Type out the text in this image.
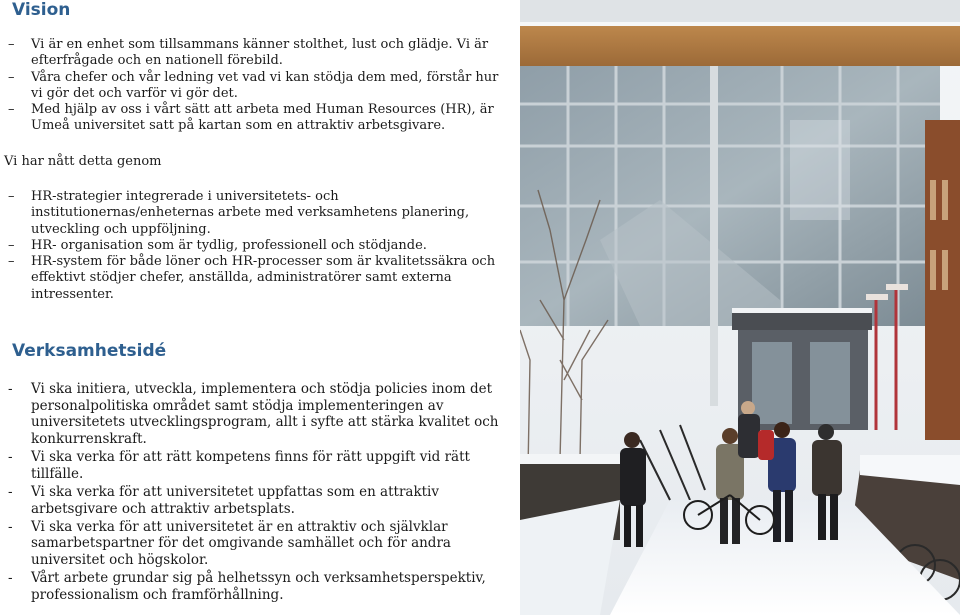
Vision
–	Vi är en enhet som tillsammans känner stolthet, lust och glädje. Vi är efterfrågade och en nationell förebild.
–	Våra chefer och vår ledning vet vad vi kan stödja dem med, förstår hur vi gör det och varför vi gör det.
–	Med hjälp av oss i vårt sätt att arbeta med Human Resources (HR), är Umeå universitet satt på kartan som en attraktiv arbetsgivare.

Vi har nått detta genom

–	HR-strategier integrerade i universitetets- och institutionernas/enheternas arbete med verksamhetens planering, utveckling och uppföljning.
–	HR- organisation som är tydlig, professionell och stödjande.
–	HR-system för både löner och HR-processer som är kvalitetssäkra och effektivt stödjer chefer, anställda, administratörer samt externa intressenter.
Verksamhetsidé
-	Vi ska initiera, utveckla, implementera och stödja policies inom det personalpolitiska området samt stödja implementeringen av universitetets utvecklingsprogram, allt i syfte att stärka kvalitet och konkurrenskraft.
-	Vi ska verka för att rätt kompetens finns för rätt uppgift vid rätt tillfälle.
-	Vi ska verka för att universitetet uppfattas som en attraktiv arbetsgivare och attraktiv arbetsplats.
-	Vi ska verka för att universitetet är en attraktiv och självklar samarbetspartner för det omgivande samhället och för andra universitet och högskolor.
-	Vårt arbete grundar sig på helhetssyn och verksamhetsperspektiv, professionalism och framförhållning.
